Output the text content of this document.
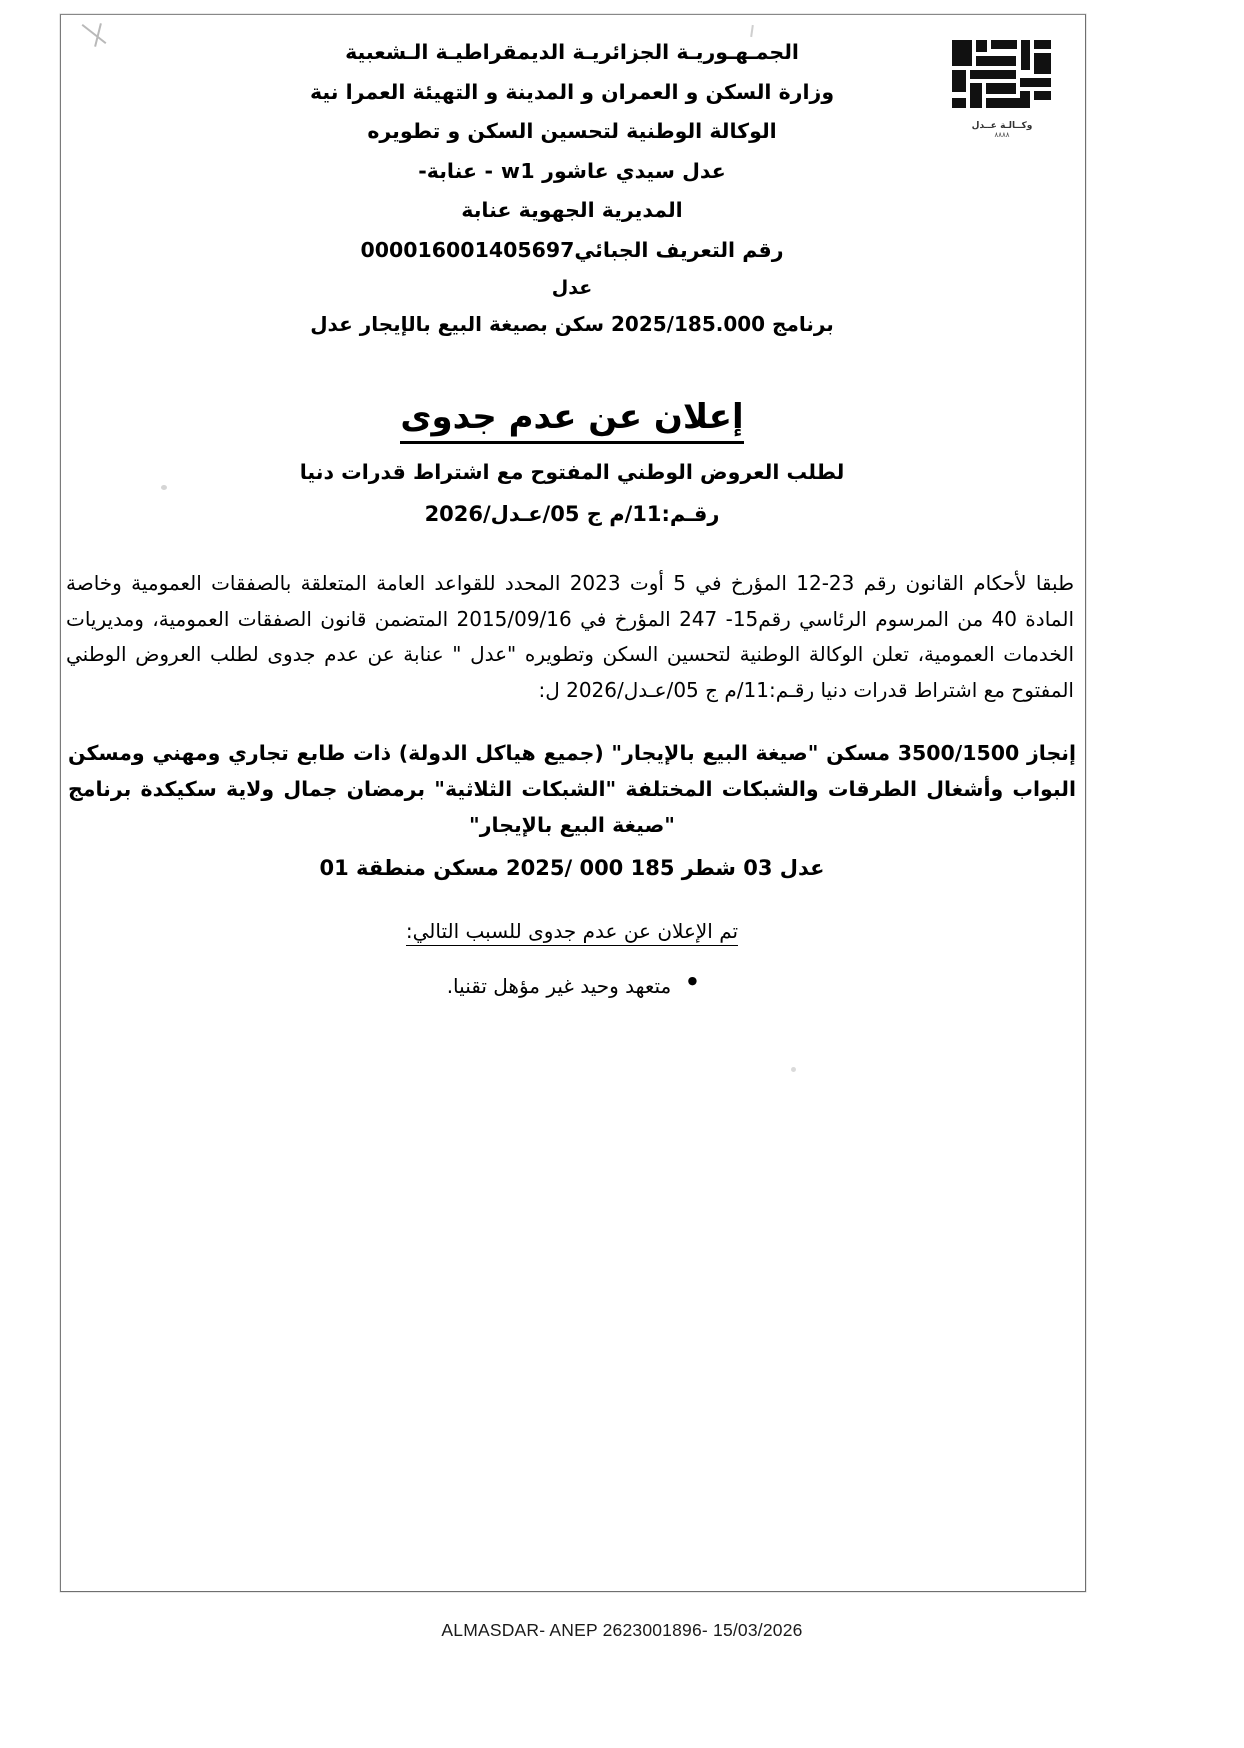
وكــالـة عــدل
٨٨٨٨

الجمـهـوريـة الجزائريـة الديمقراطيـة الـشعبية

وزارة السكن و العمران و المدينة و التهيئة العمرا نية

الوكالة الوطنية لتحسين السكن و تطويره

عدل سيدي عاشور w1 - عنابة-

المديرية الجهوية عنابة

رقم التعريف الجبائي000016001405697

عدل

برنامج 2025/185.000 سكن بصيغة البيع بالإيجار عدل

إعلان عن عدم جدوى
لطلب العروض الوطني المفتوح مع اشتراط قدرات دنيا
رقـم:11/م ج 05/عـدل/2026

طبقا لأحكام القانون رقم 23-12 المؤرخ في 5 أوت 2023 المحدد للقواعد العامة المتعلقة بالصفقات العمومية وخاصة المادة 40 من المرسوم الرئاسي رقم15- 247 المؤرخ في 2015/09/16 المتضمن قانون الصفقات العمومية، ومديريات الخدمات العمومية، تعلن الوكالة الوطنية لتحسين السكن وتطويره "عدل " عنابة عن عدم جدوى لطلب العروض الوطني المفتوح مع اشتراط قدرات دنيا رقـم:11/م ج 05/عـدل/2026 ل:

إنجاز 3500/1500 مسكن "صيغة البيع بالإيجار" (جميع هياكل الدولة) ذات طابع تجاري ومهني ومسكن البواب وأشغال الطرقات والشبكات المختلفة "الشبكات الثلاثية" برمضان جمال ولاية سكيكدة برنامج "صيغة البيع بالإيجار"

عدل 03 شطر 185 000 /2025 مسكن منطقة 01
تم الإعلان عن عدم جدوى للسبب التالي:
● متعهد وحيد غير مؤهل تقنيا.
ALMASDAR- ANEP 2623001896- 15/03/2026
